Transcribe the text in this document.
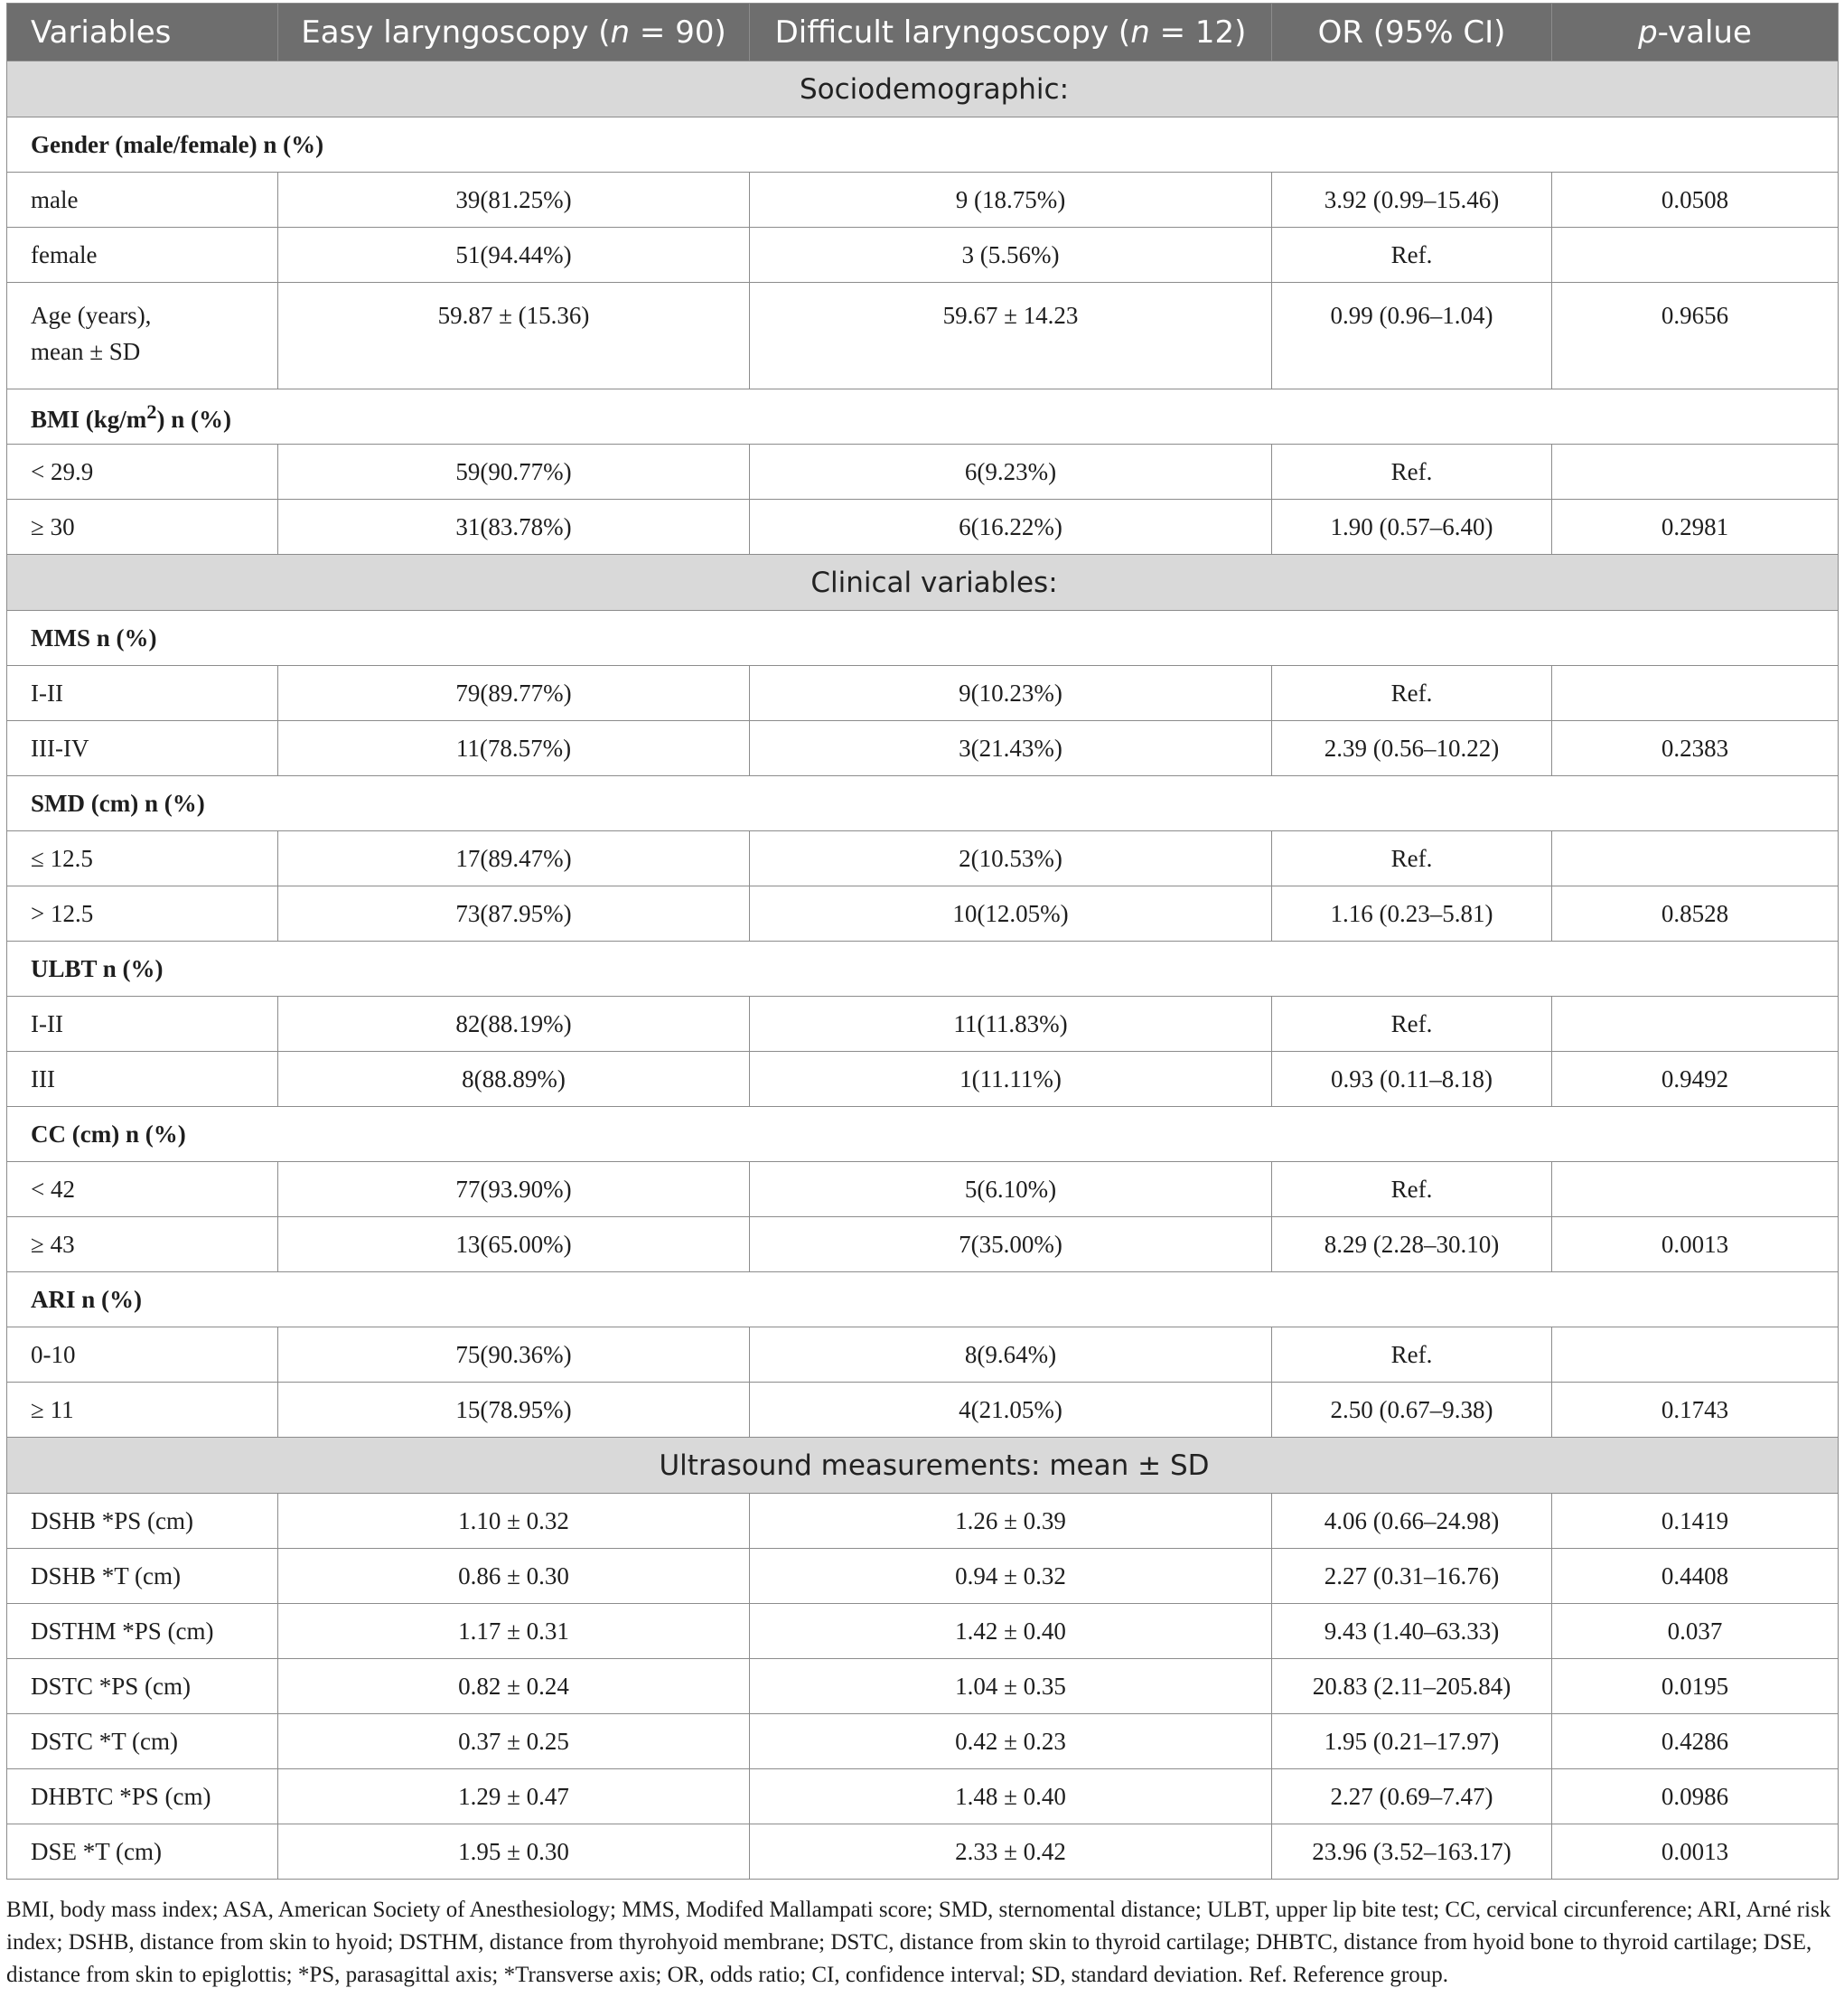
Variables	Easy laryngoscopy (n = 90)	Difficult laryngoscopy (n = 12)	OR (95% CI)	p-value
Sociodemographic:				
Gender (male/female) n (%)				
male	39(81.25%)	9 (18.75%)	3.92 (0.99–15.46)	0.0508
female	51(94.44%)	3 (5.56%)	Ref.	
Age (years),
mean ± SD	59.87 ± (15.36)	59.67 ± 14.23	0.99 (0.96–1.04)	0.9656
BMI $(kg/m^2)$ n (%)				
< 29.9	59(90.77%)	6(9.23%)	Ref.	
≥ 30	31(83.78%)	6(16.22%)	1.90 (0.57–6.40)	0.2981
Clinical variables:				
MMS n (%)				
I-II	79(89.77%)	9(10.23%)	Ref.	
III-IV	11(78.57%)	3(21.43%)	2.39 (0.56–10.22)	0.2383
SMD (cm) n (%)				
≤ 12.5	17(89.47%)	2(10.53%)	Ref.	
> 12.5	73(87.95%)	10(12.05%)	1.16 (0.23–5.81)	0.8528
ULBT n (%)				
I-II	82(88.19%)	11(11.83%)	Ref.	
III	8(88.89%)	1(11.11%)	0.93 (0.11–8.18)	0.9492
CC (cm) n (%)				
< 42	77(93.90%)	5(6.10%)	Ref.	
≥ 43	13(65.00%)	7(35.00%)	8.29 (2.28–30.10)	0.0013
ARI n (%)				
0-10	75(90.36%)	8(9.64%)	Ref.	
≥ 11	15(78.95%)	4(21.05%)	2.50 (0.67–9.38)	0.1743
Ultrasound measurements: mean ± SD				
DSHB *PS (cm)	1.10 ± 0.32	1.26 ± 0.39	4.06 (0.66–24.98)	0.1419
DSHB *T (cm)	0.86 ± 0.30	0.94 ± 0.32	2.27 (0.31–16.76)	0.4408
DSTHM *PS (cm)	1.17 ± 0.31	1.42 ± 0.40	9.43 (1.40–63.33)	0.037
DSTC *PS (cm)	0.82 ± 0.24	1.04 ± 0.35	20.83 (2.11–205.84)	0.0195
DSTC *T (cm)	0.37 ± 0.25	0.42 ± 0.23	1.95 (0.21–17.97)	0.4286
DHBTC *PS (cm)	1.29 ± 0.47	1.48 ± 0.40	2.27 (0.69–7.47)	0.0986
DSE *T (cm)	1.95 ± 0.30	2.33 ± 0.42	23.96 (3.52–163.17)	0.0013
BMI, body mass index; ASA, American Society of Anesthesiology; MMS, Modifed Mallampati score; SMD, sternomental distance; ULBT, upper lip bite test; CC, cervical circunference; ARI, Arné risk index; DSHB, distance from skin to hyoid; DSTHM, distance from thyrohyoid membrane; DSTC, distance from skin to thyroid cartilage; DHBTC, distance from hyoid bone to thyroid cartilage; DSE, distance from skin to epiglottis; *PS, parasagittal axis; *Transverse axis; OR, odds ratio; CI, confidence interval; SD, standard deviation. Ref. Reference group.
